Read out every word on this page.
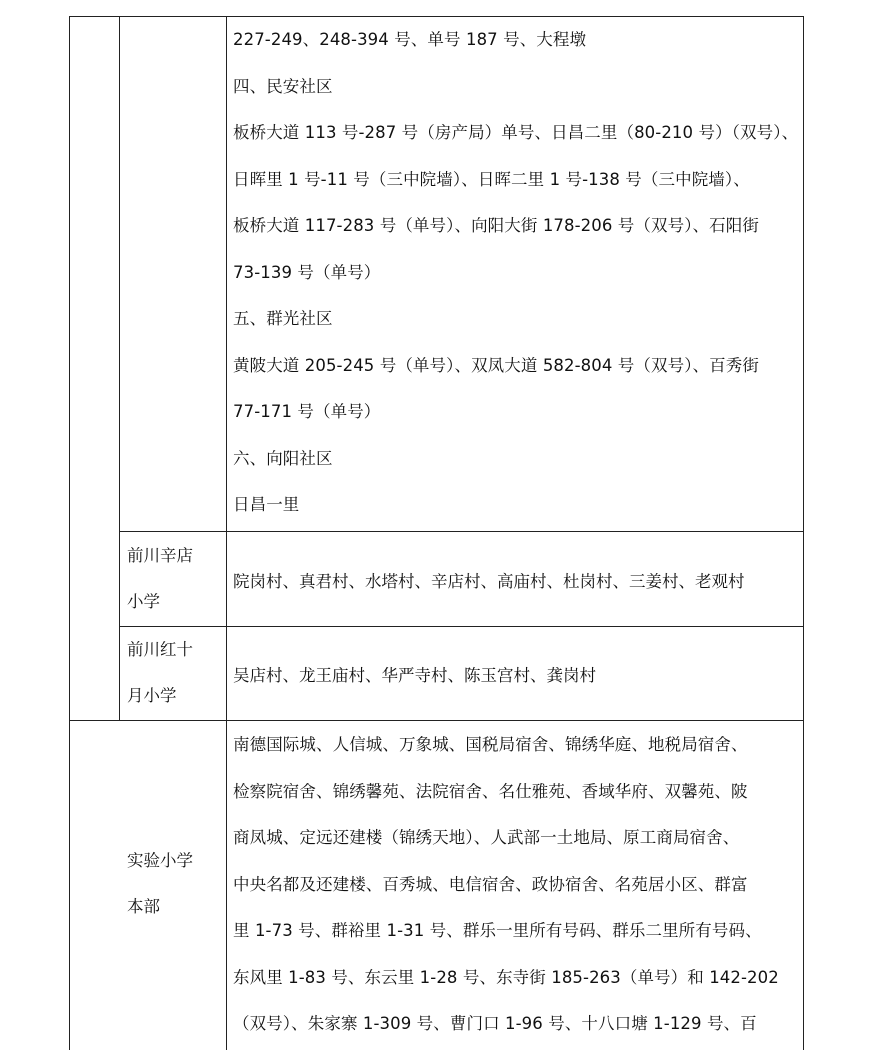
227-249、248-394 号、单号 187 号、大程墩
四、民安社区
板桥大道 113 号-287 号（房产局）单号、日昌二里（80-210 号）（双号）、
日晖里 1 号-11 号（三中院墙）、日晖二里 1 号-138 号（三中院墙）、
板桥大道 117-283 号（单号）、向阳大街 178-206 号（双号）、石阳街
73-139 号（单号）
五、群光社区
黄陂大道 205-245 号（单号）、双凤大道 582-804 号（双号）、百秀街
77-171 号（单号）
六、向阳社区
日昌一里
前川辛店
小学
院岗村、真君村、水塔村、辛店村、高庙村、杜岗村、三姜村、老观村
前川红十
月小学
吴店村、龙王庙村、华严寺村、陈玉宫村、龚岗村
实验小学
本部
南德国际城、人信城、万象城、国税局宿舍、锦绣华庭、地税局宿舍、
检察院宿舍、锦绣馨苑、法院宿舍、名仕雅苑、香域华府、双馨苑、陂
商凤城、定远还建楼（锦绣天地）、人武部一土地局、原工商局宿舍、
中央名都及还建楼、百秀城、电信宿舍、政协宿舍、名苑居小区、群富
里 1-73 号、群裕里 1-31 号、群乐一里所有号码、群乐二里所有号码、
东风里 1-83 号、东云里 1-28 号、东寺街 185-263（单号）和 142-202
（双号）、朱家寨 1-309 号、曹门口 1-96 号、十八口塘 1-129 号、百
